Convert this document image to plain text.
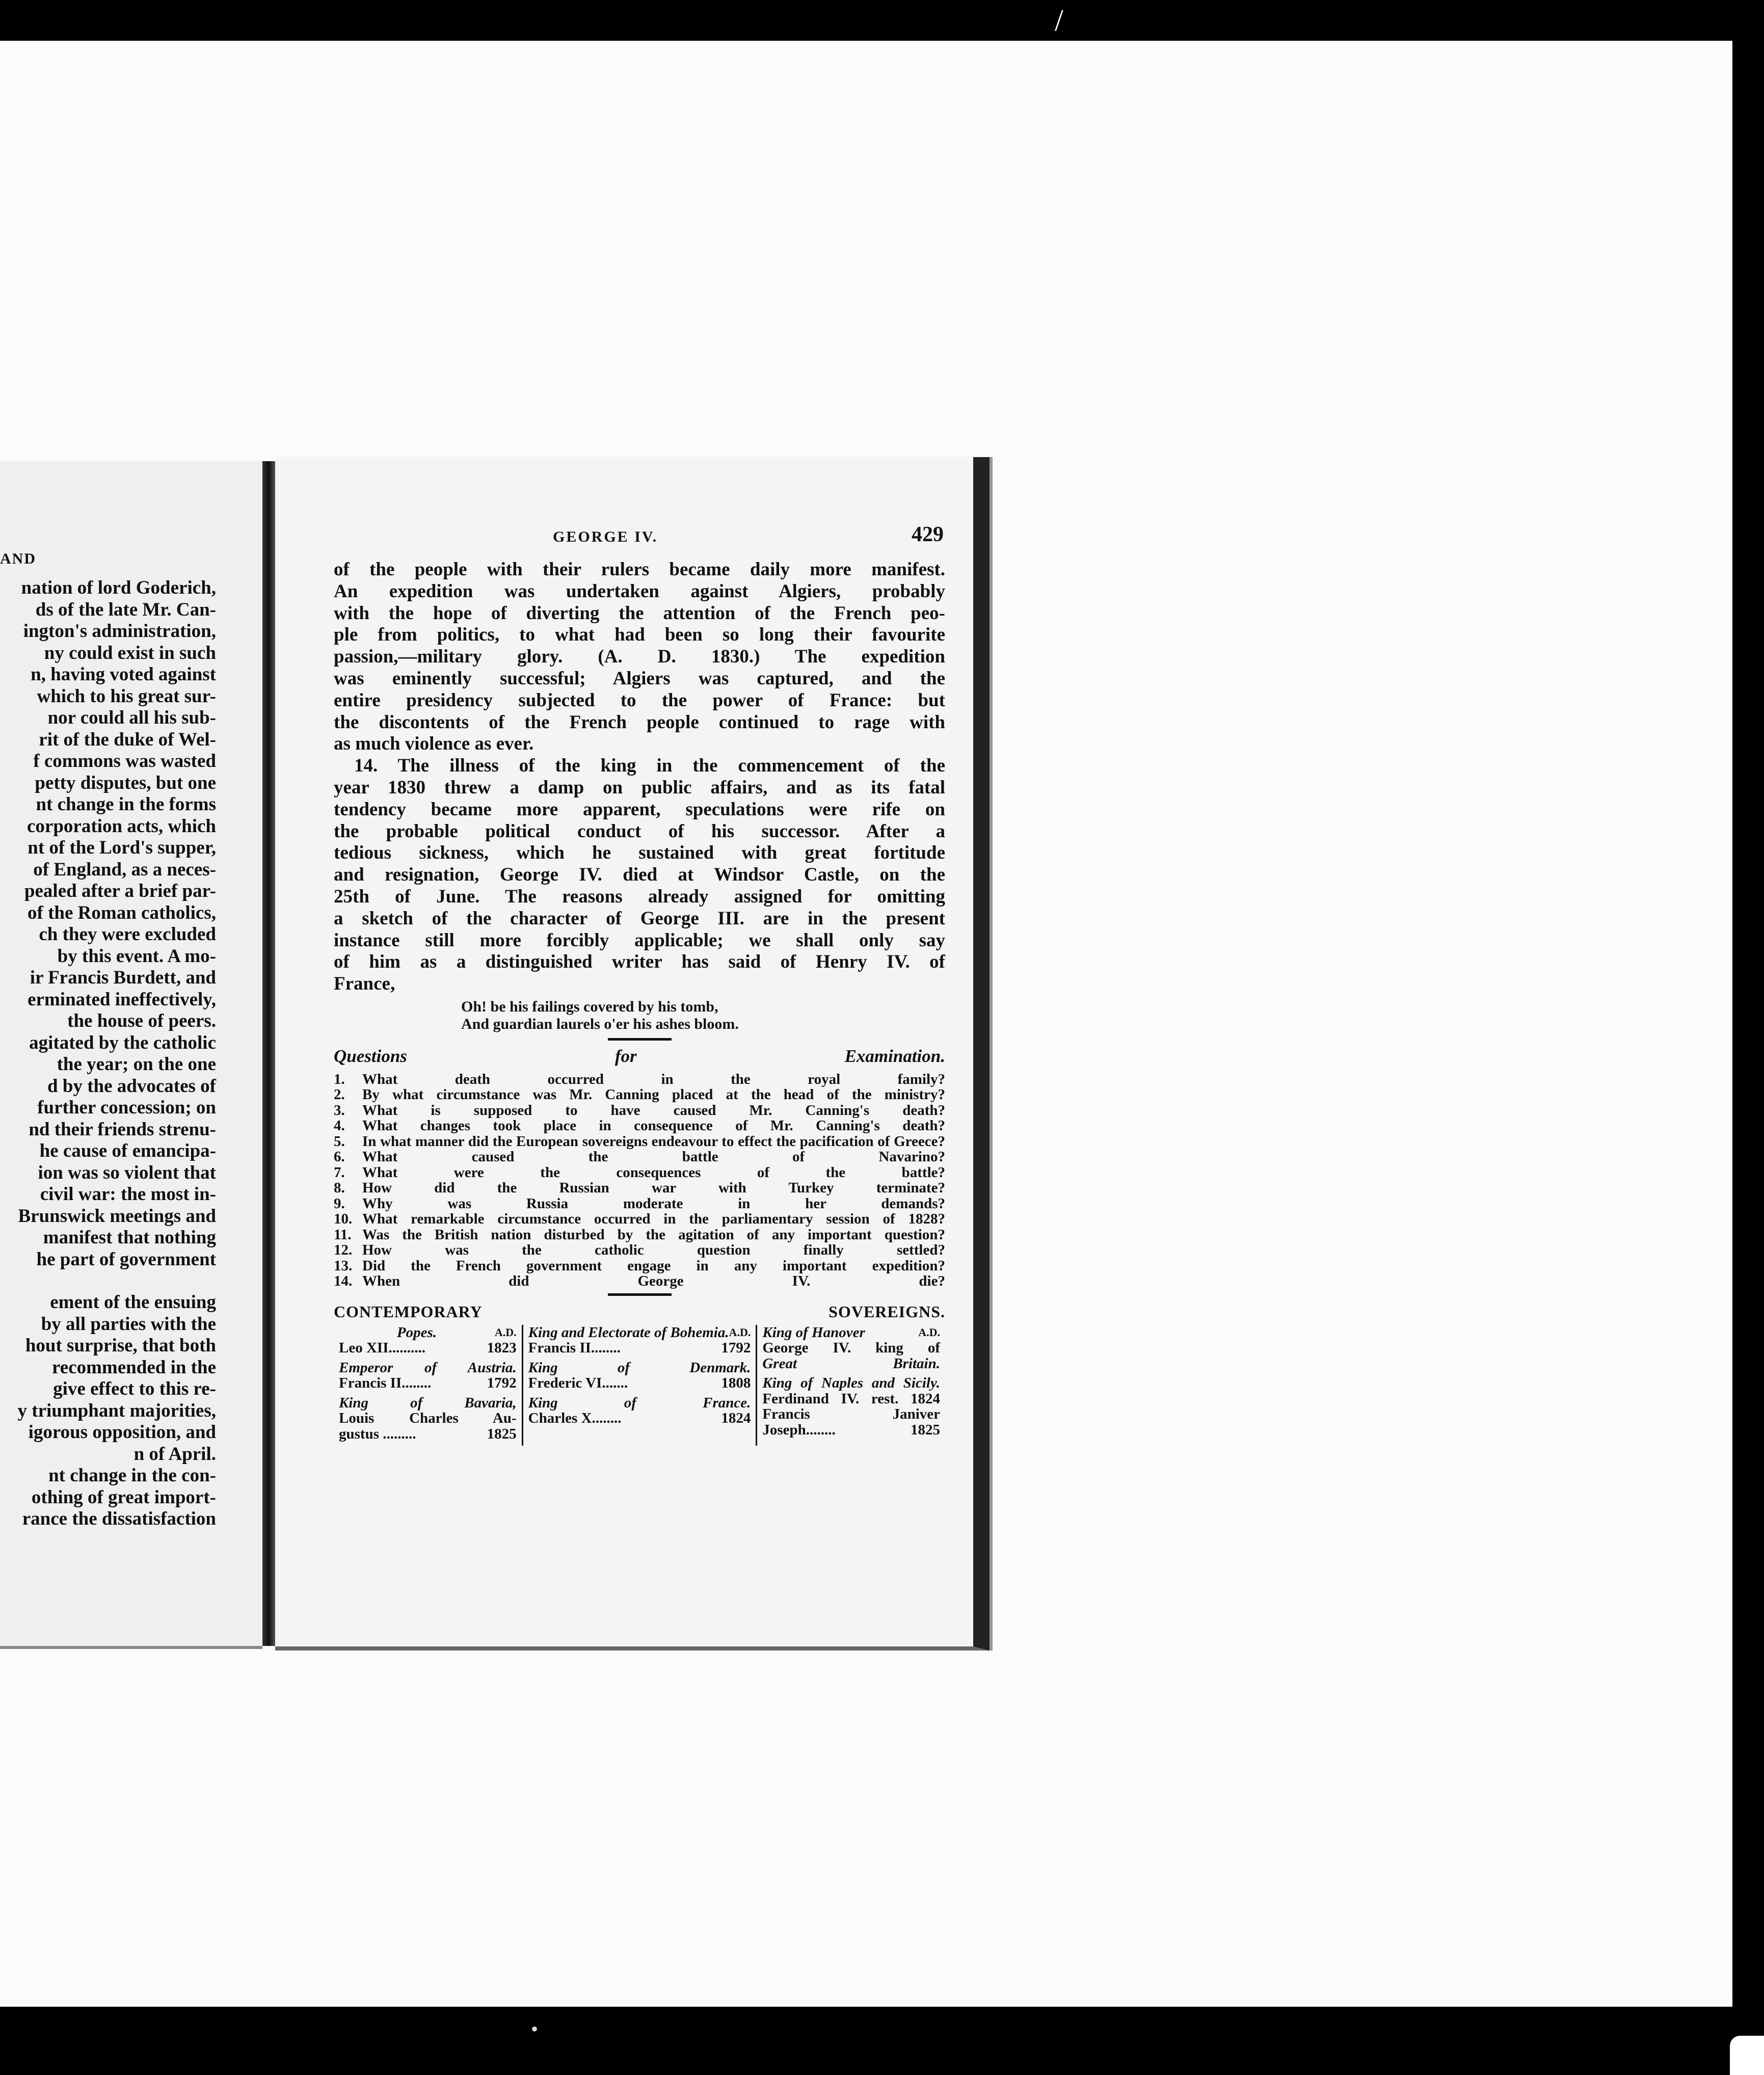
AND
nation of lord Goderich,
ds of the late Mr. Can-
ington's administration,
ny could exist in such
n, having voted against
which to his great sur-
nor could all his sub-
rit of the duke of Wel-
f commons was wasted
petty disputes, but one
nt change in the forms
corporation acts, which
nt of the Lord's supper,
of England, as a neces-
pealed after a brief par-
of the Roman catholics,
ch they were excluded
by this event. A mo-
ir Francis Burdett, and
erminated ineffectively,
the house of peers.
agitated by the catholic
the year; on the one
d by the advocates of
further concession; on
nd their friends strenu-
he cause of emancipa-
ion was so violent that
civil war: the most in-
Brunswick meetings and
manifest that nothing
he part of government
ement of the ensuing
by all parties with the
hout surprise, that both
recommended in the
give effect to this re-
y triumphant majorities,
igorous opposition, and
n of April.
nt change in the con-
othing of great import-
rance the dissatisfaction
GEORGE IV.	429
of the people with their rulers became daily more manifest.
An expedition was undertaken against Algiers, probably
with the hope of diverting the attention of the French peo-
ple from politics, to what had been so long their favourite
passion,—military glory. (A. D. 1830.) The expedition
was eminently successful; Algiers was captured, and the
entire presidency subjected to the power of France: but
the discontents of the French people continued to rage with
as much violence as ever.
14. The illness of the king in the commencement of the
year 1830 threw a damp on public affairs, and as its fatal
tendency became more apparent, speculations were rife on
the probable political conduct of his successor. After a
tedious sickness, which he sustained with great fortitude
and resignation, George IV. died at Windsor Castle, on the
25th of June. The reasons already assigned for omitting
a sketch of the character of George III. are in the present
instance still more forcibly applicable; we shall only say
of him as a distinguished writer has said of Henry IV. of
France,
Oh! be his failings covered by his tomb,
And guardian laurels o'er his ashes bloom.
Questions for Examination.
1.	What death occurred in the royal family?
2.	By what circumstance was Mr. Canning placed at the head of the ministry?
3.	What is supposed to have caused Mr. Canning's death?
4.	What changes took place in consequence of Mr. Canning's death?
5.	In what manner did the European sovereigns endeavour to effect the pacification of Greece?
6.	What caused the battle of Navarino?
7.	What were the consequences of the battle?
8.	How did the Russian war with Turkey terminate?
9.	Why was Russia moderate in her demands?
10. What remarkable circumstance occurred in the parliamentary session of 1828?
11. Was the British nation disturbed by the agitation of any important question?
12. How was the catholic question finally settled?
13. Did the French government engage in any important expedition?
14. When did George IV. die?
CONTEMPORARY SOVEREIGNS.
Popes.	A.D.
Leo XII..........	1823
Emperor of Austria.
Francis II........	1792
King of Bavaria,
Louis Charles Au-
gustus .........	1825
King and Electorate of Bohemia. A.D.
Francis II........	1792
King of Denmark.
Frederic VI.......	1808
King of France.
Charles X........	1824
King of Hanover	A.D.
George IV. king of
Great Britain.
King of Naples and Sicily.
Ferdinand IV. rest. 1824
Francis Janiver
Joseph........	1825
/
•
